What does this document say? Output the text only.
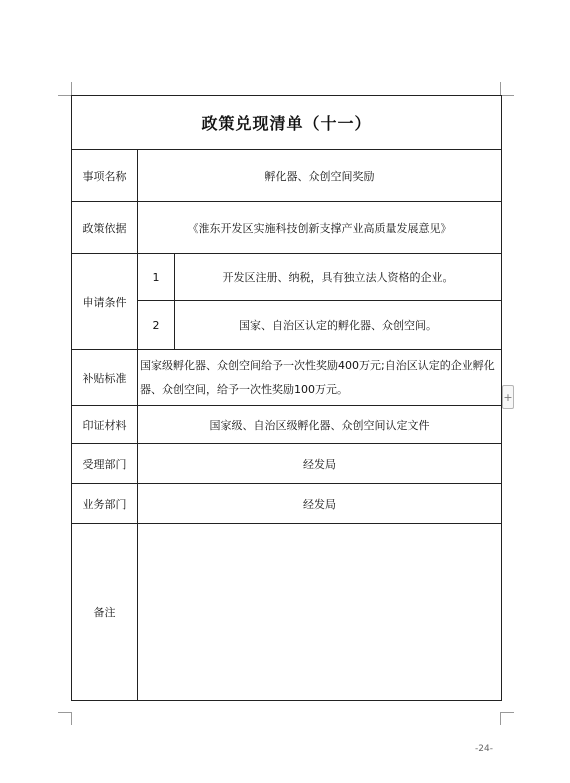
政策兑现清单（十一）		
事项名称	孵化器、众创空间奖励	
政策依据	《淮东开发区实施科技创新支撑产业高质量发展意见》	
申请条件	1	开发区注册、纳税，具有独立法人资格的企业。
	2	国家、自治区认定的孵化器、众创空间。
补贴标准	国家级孵化器、众创空间给予一次性奖励400万元;自治区认定的企业孵化器、众创空间，给予一次性奖励100万元。	

印证材料	国家级、自治区级孵化器、众创空间认定文件	
受理部门	经发局	
业务部门	经发局	
备注		
+
-24-
